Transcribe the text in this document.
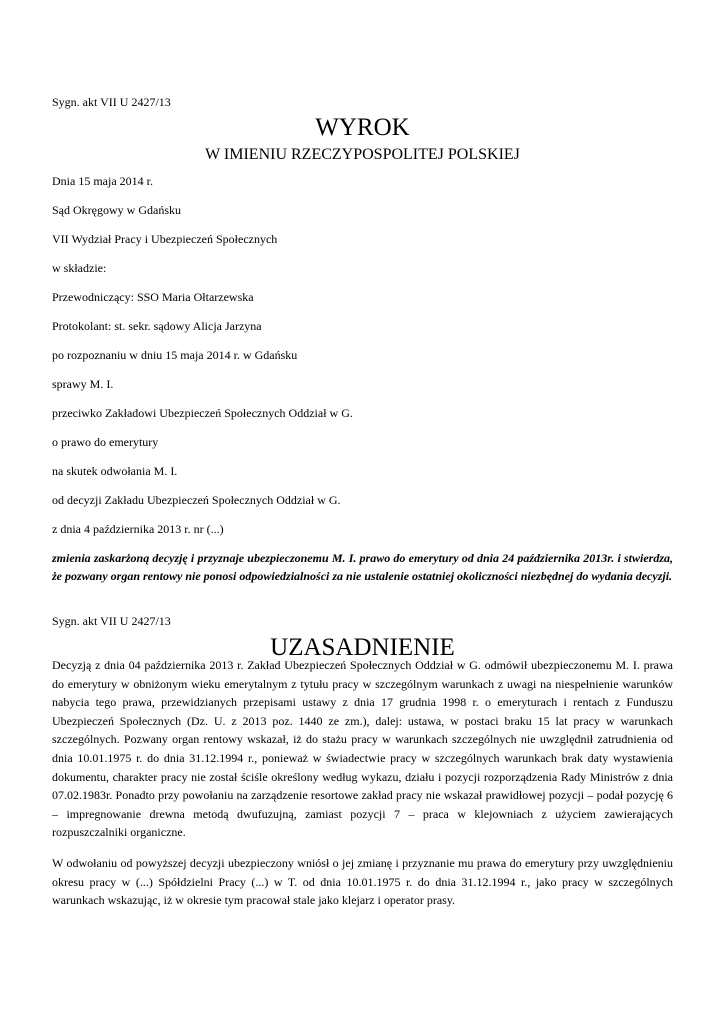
Sygn. akt VII U 2427/13
WYROK
W IMIENIU RZECZYPOSPOLITEJ POLSKIEJ
Dnia 15 maja 2014 r.
Sąd Okręgowy w Gdańsku
VII Wydział Pracy i Ubezpieczeń Społecznych
w składzie:
Przewodniczący: SSO Maria Ołtarzewska
Protokolant: st. sekr. sądowy Alicja Jarzyna
po rozpoznaniu w dniu 15 maja 2014 r. w Gdańsku
sprawy M. I.
przeciwko Zakładowi Ubezpieczeń Społecznych Oddział w G.
o prawo do emerytury
na skutek odwołania M. I.
od decyzji Zakładu Ubezpieczeń Społecznych Oddział w G.
z dnia 4 października 2013 r. nr (...)
zmienia zaskarżoną decyzję i przyznaje ubezpieczonemu M. I. prawo do emerytury od dnia 24 października 2013r. i stwierdza, że pozwany organ rentowy nie ponosi odpowiedzialności za nie ustalenie ostatniej okoliczności niezbędnej do wydania decyzji.
Sygn. akt VII U 2427/13
UZASADNIENIE
Decyzją z dnia 04 października 2013 r. Zakład Ubezpieczeń Społecznych Oddział w G. odmówił ubezpieczonemu M. I. prawa do emerytury w obniżonym wieku emerytalnym z tytułu pracy w szczególnym warunkach z uwagi na niespełnienie warunków nabycia tego prawa, przewidzianych przepisami ustawy z dnia 17 grudnia 1998 r. o emeryturach i rentach z Funduszu Ubezpieczeń Społecznych (Dz. U. z 2013 poz. 1440 ze zm.), dalej: ustawa, w postaci braku 15 lat pracy w warunkach szczególnych. Pozwany organ rentowy wskazał, iż do stażu pracy w warunkach szczególnych nie uwzględnił zatrudnienia od dnia 10.01.1975 r. do dnia 31.12.1994 r., ponieważ w świadectwie pracy w szczególnych warunkach brak daty wystawienia dokumentu, charakter pracy nie został ściśle określony według wykazu, działu i pozycji rozporządzenia Rady Ministrów z dnia 07.02.1983r. Ponadto przy powołaniu na zarządzenie resortowe zakład pracy nie wskazał prawidłowej pozycji – podał pozycję 6 – impregnowanie drewna metodą dwufuzujną, zamiast pozycji 7 – praca w klejowniach z użyciem zawierających rozpuszczalniki organiczne.
W odwołaniu od powyższej decyzji ubezpieczony wniósł o jej zmianę i przyznanie mu prawa do emerytury przy uwzględnieniu okresu pracy w (...) Spółdzielni Pracy (...) w T. od dnia 10.01.1975 r. do dnia 31.12.1994 r., jako pracy w szczególnych warunkach wskazując, iż w okresie tym pracował stale jako klejarz i operator prasy.
